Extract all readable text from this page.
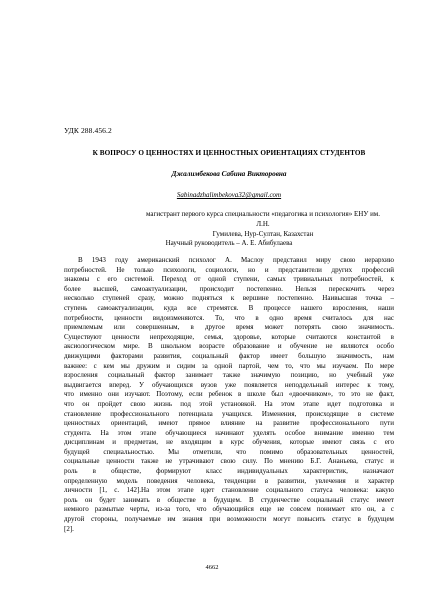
УДК 288.456.2
К ВОПРОСУ О ЦЕННОСТЯХ И ЦЕННОСТНЫХ ОРИЕНТАЦИЯХ СТУДЕНТОВ
Джалимбекова Сабина Викторовна
Sabinadzhalimbekova32@gmail.com
магистрант первого курса специальности «педагогика и психология» ЕНУ им. Л.Н.
Гумилева, Нур-Султан, Казахстан
Научный руководитель – А. Е. Абибулаева
В 1943 году американский психолог А. Маслоу представил миру свою иерархию
потребностей. Не только психологи, социологи, но и представители других профессий
знакомы с его системой. Переход от одной ступени, самых тривиальных потребностей, к
более высшей, самоактуализации, происходит постепенно. Нельзя перескочить через
несколько ступеней сразу, можно подняться к вершине постепенно. Наивысшая точка –
ступень самоактуализации, куда все стремятся. В процессе нашего взросления, наши
потребности, ценности видоизменяются. То, что в одно время считалось для нас
приемлемым или совершенным, в другое время может потерять свою значимость.
Существуют ценности непреходящие, семья, здоровье, которые считаются константой в
аксиологическом мире. В школьном возрасте образование и обучение не являются особо
движущими факторами развития, социальный фактор имеет большую значимость, нам
важнее: с кем мы дружим и сидим за одной партой, чем то, что мы изучаем. По мере
взросления социальный фактор занимает также значимую позицию, но учебный уже
выдвигается вперед. У обучающихся вузов уже появляется неподдельный интерес к тому,
что именно они изучают. Поэтому, если ребенок в школе был «двоечником», то это не факт,
что он пройдет свою жизнь под этой установкой. На этом этапе идет подготовка и
становление профессионального потенциала учащихся. Изменения, происходящие в системе
ценностных ориентаций, имеют прямое влияние на развитие профессионального пути
студента. На этом этапе обучающиеся начинают уделять особое внимание именно тем
дисциплинам и предметам, не входящим в курс обучения, которые имеют связь с его
будущей специальностью. Мы отметили, что помимо образовательных ценностей,
социальные ценности также не утрачивают свою силу. По мнению Б.Г. Ананьева, статус и
роль в обществе, формируют класс индивидуальных характеристик, назначают
определенную модель поведения человека, тенденции в развитии, увлечения и характер
личности [1, с. 142].На этом этапе идет становление социального статуса человека: какую
роль он будет занимать в обществе в будущем. В студенчестве социальный статус имеет
немного размытые черты, из-за того, что обучающийся еще не совсем понимает кто он, а с
другой стороны, получаемые им знания при возможности могут повысить статус в будущем
[2].
4662
